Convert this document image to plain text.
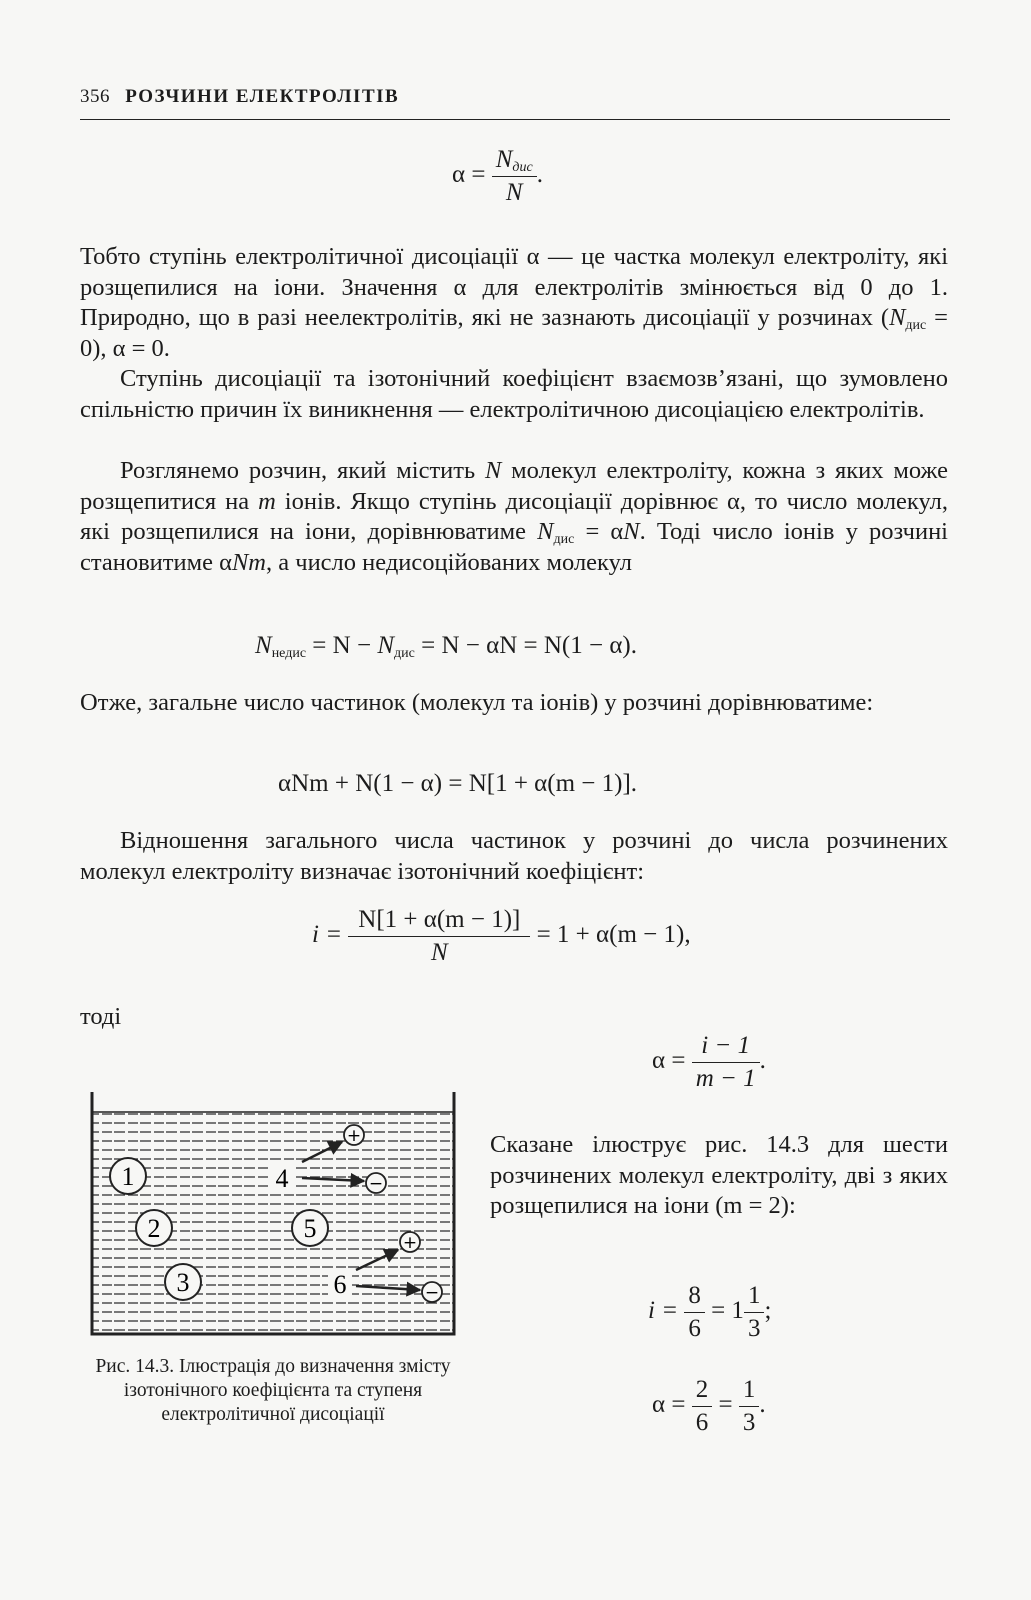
356 РОЗЧИНИ ЕЛЕКТРОЛІТІВ
$\alpha = \frac{N_{дис}}{N}$ .

Тобто ступінь електролітичної дисоціації α — це частка молекул електроліту, які розщепилися на іони. Значення α для електролітів змінюється від 0 до 1. Природно, що в разі неелектролітів, які не зазнають дисоціації у розчинах $(N_{дис} = 0)$, α = 0.

Ступінь дисоціації та ізотонічний коефіцієнт взаємозв’язані, що зумовлено спільністю причин їх виникнення — електролітичною дисоціацією електролітів.

Розглянемо розчин, який містить N молекул електроліту, кожна з яких може розщепитися на m іонів. Якщо ступінь дисоціації дорівнює α, то число молекул, які розщепилися на іони, дорівнюватиме $N_{дис} = \alpha N$. Тоді число іонів у розчині становитиме αNm, а число недисоційованих молекул

$N_{недис} = N - N_{дис} = N - \alpha N = N(1 - \alpha)$.

Отже, загальне число частинок (молекул та іонів) у розчині дорівнюватиме:

αNm + N(1 − α) = N[1 + α(m − 1)].

Відношення загального числа частинок у розчині до числа розчинених молекул електроліту визначає ізотонічний коефіцієнт:

$i = \frac{N[1 + \alpha(m - 1)]}{N} = 1 + \alpha(m - 1)$,

тоді

$\alpha = \frac{i - 1}{m - 1}$ .
1
2
3
4
+
−
5
6
+
−
Рис. 14.3. Ілюстрація до визначення змісту ізотонічного коефіцієнта та ступеня електролітичної дисоціації

Сказане ілюструє рис. 14.3 для шести розчинених молекул електроліту, дві з яких розщепилися на іони (m = 2):

$i = \frac{8}{6} = 1 \frac{1}{3}$ ;
$\alpha = \frac{2}{6} = \frac{1}{3}$ .
